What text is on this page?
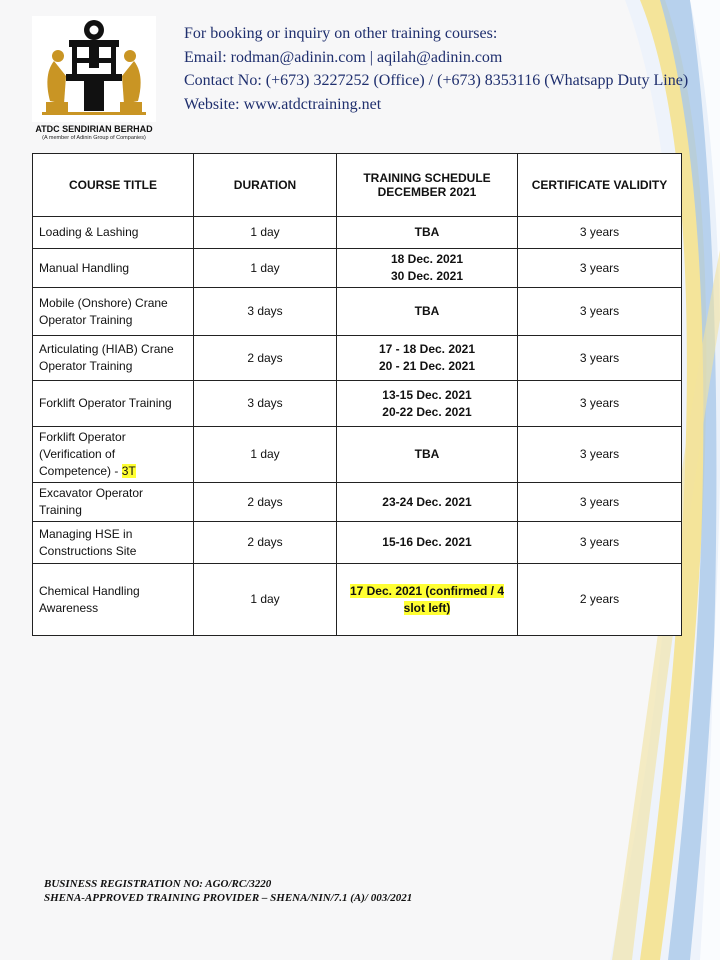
ATDC SENDIRIAN BERHAD
(A member of Adinin Group of Companies)
For booking or inquiry on other training courses:
Email: rodman@adinin.com | aqilah@adinin.com
Contact No: (+673) 3227252 (Office) / (+673) 8353116 (Whatsapp Duty Line)
Website: www.atdctraining.net
COURSE TITLE	DURATION	TRAINING SCHEDULE
DECEMBER 2021	CERTIFICATE VALIDITY
Loading & Lashing	1 day	TBA	3 years
Manual Handling	1 day	18 Dec. 2021
30 Dec. 2021	3 years
Mobile (Onshore) Crane Operator Training	3 days	TBA	3 years
Articulating (HIAB) Crane Operator Training	2 days	17 - 18 Dec. 2021
20 - 21 Dec. 2021	3 years
Forklift Operator Training	3 days	13-15 Dec. 2021
20-22 Dec. 2021	3 years
Forklift Operator (Verification of Competence) - 3T	1 day	TBA	3 years
Excavator Operator Training	2 days	23-24 Dec. 2021	3 years
Managing HSE in Constructions Site	2 days	15-16 Dec. 2021	3 years
Chemical Handling Awareness	1 day	17 Dec. 2021 (confirmed / 4 slot left)	2 years
BUSINESS REGISTRATION NO: AGO/RC/3220
SHENA-APPROVED TRAINING PROVIDER – SHENA/NIN/7.1 (A)/ 003/2021
